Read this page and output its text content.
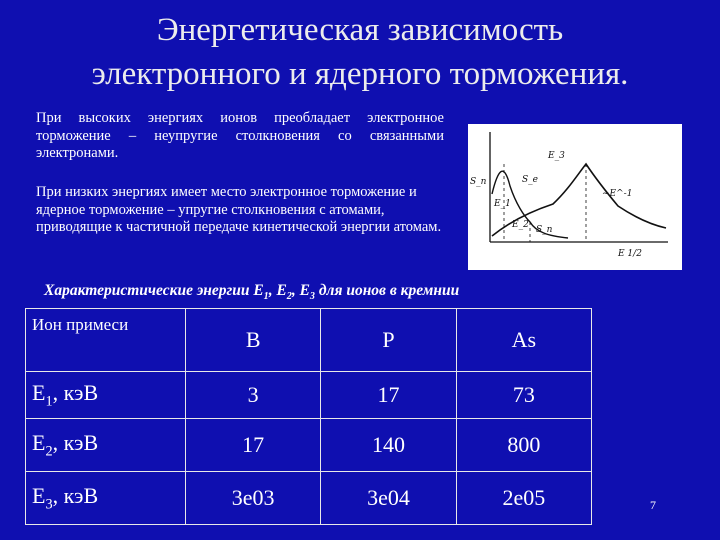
Энергетическая зависимость
электронного и ядерного торможения.
При высоких энергиях ионов преобладает электронное торможение – неупругие столкновения со связанными электронами.
При низких энергиях имеет место электронное торможение и ядерное торможение – упругие столкновения с атомами, приводящие к частичной передаче кинетической энергии атомам.
S_п
E_3
S_e
E_1
~E^-1
E_2 S_n
E 1/2
Характеристические энергии $E_1$, $E_2$, $E_3$ для ионов в кремнии
Ион примеси	B	P	As
$E_1$, кэВ	3	17	73
$E_2$, кэВ	17	140	800
$E_3$, кэВ	3e03	3e04	2e05	7
